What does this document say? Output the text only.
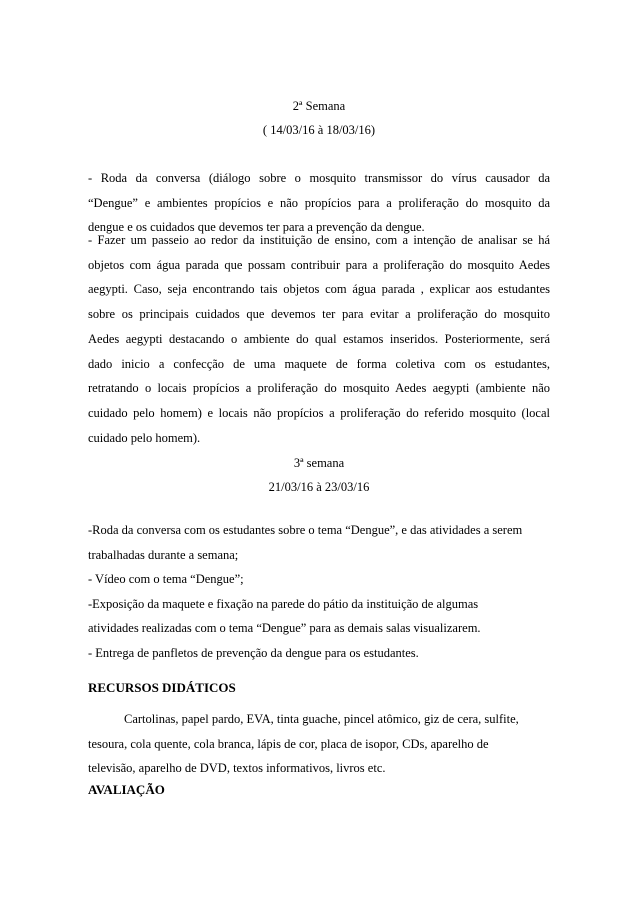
2ª Semana
( 14/03/16 à 18/03/16)
- Roda da conversa (diálogo sobre o mosquito transmissor do vírus causador da
“Dengue” e ambientes propícios e não propícios para a proliferação do mosquito da
dengue e os cuidados que devemos ter para a prevenção da dengue.
- Fazer um passeio ao redor da instituição de ensino, com a intenção de analisar se há
objetos com água parada que possam contribuir para a proliferação do mosquito Aedes
aegypti. Caso, seja encontrando tais objetos com água parada , explicar aos estudantes
sobre os principais cuidados que devemos ter para evitar a proliferação do mosquito
Aedes aegypti destacando o ambiente do qual estamos inseridos. Posteriormente, será
dado inicio a confecção de uma maquete de forma coletiva com os estudantes,
retratando o locais propícios a proliferação do mosquito Aedes aegypti (ambiente não
cuidado pelo homem) e locais não propícios a proliferação do referido mosquito (local
cuidado pelo homem).
3ª semana
21/03/16 à 23/03/16
-Roda da conversa com os estudantes sobre o tema “Dengue”, e das atividades a serem
trabalhadas durante a semana;
- Vídeo com o tema “Dengue”;
-Exposição da maquete e fixação na parede do pátio da instituição de algumas
atividades realizadas com o tema “Dengue” para as demais salas visualizarem.
- Entrega de panfletos de prevenção da dengue para os estudantes.
RECURSOS DIDÁTICOS
Cartolinas, papel pardo, EVA, tinta guache, pincel atômico, giz de cera, sulfite,
tesoura, cola quente, cola branca, lápis de cor, placa de isopor, CDs, aparelho de
televisão, aparelho de DVD, textos informativos, livros etc.
AVALIAÇÃO
